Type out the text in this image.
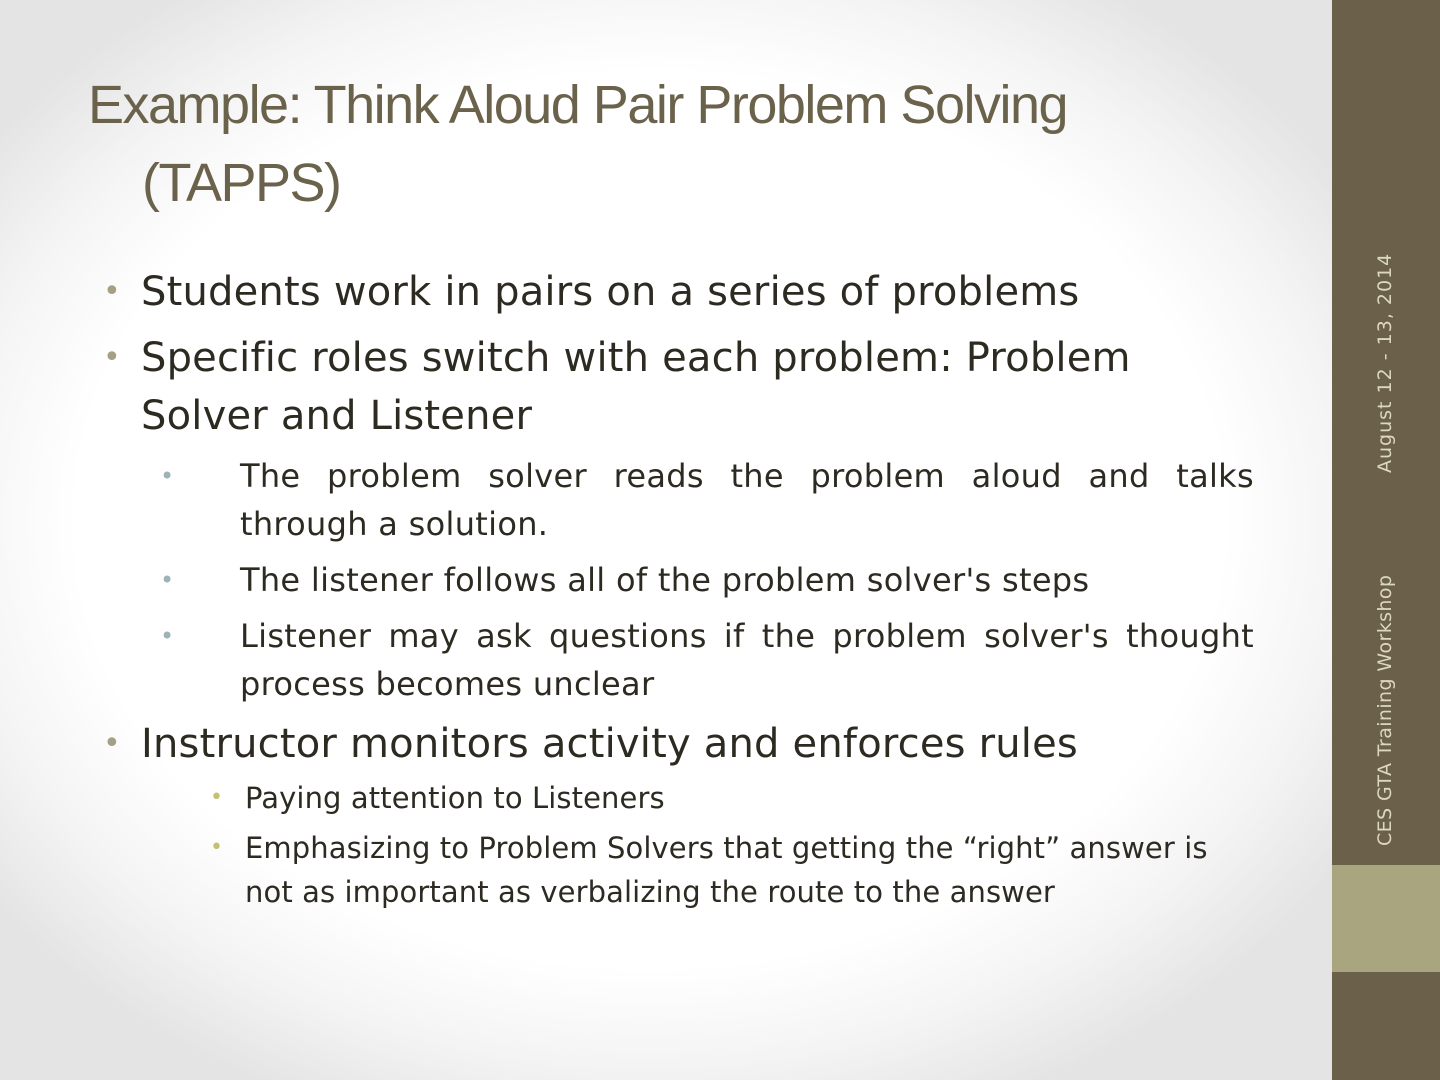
Example: Think Aloud Pair Problem Solving
(TAPPS)
• Students work in pairs on a series of problems
• Specific roles switch with each problem: Problem Solver and Listener
• The problem solver reads the problem aloud and talks through a solution.
• The listener follows all of the problem solver's steps
• Listener may ask questions if the problem solver's thought process becomes unclear
• Instructor monitors activity and enforces rules
• Paying attention to Listeners
• Emphasizing to Problem Solvers that getting the “right” answer is not as important as verbalizing the route to the answer
August 12 - 13, 2014
CES GTA Training Workshop
